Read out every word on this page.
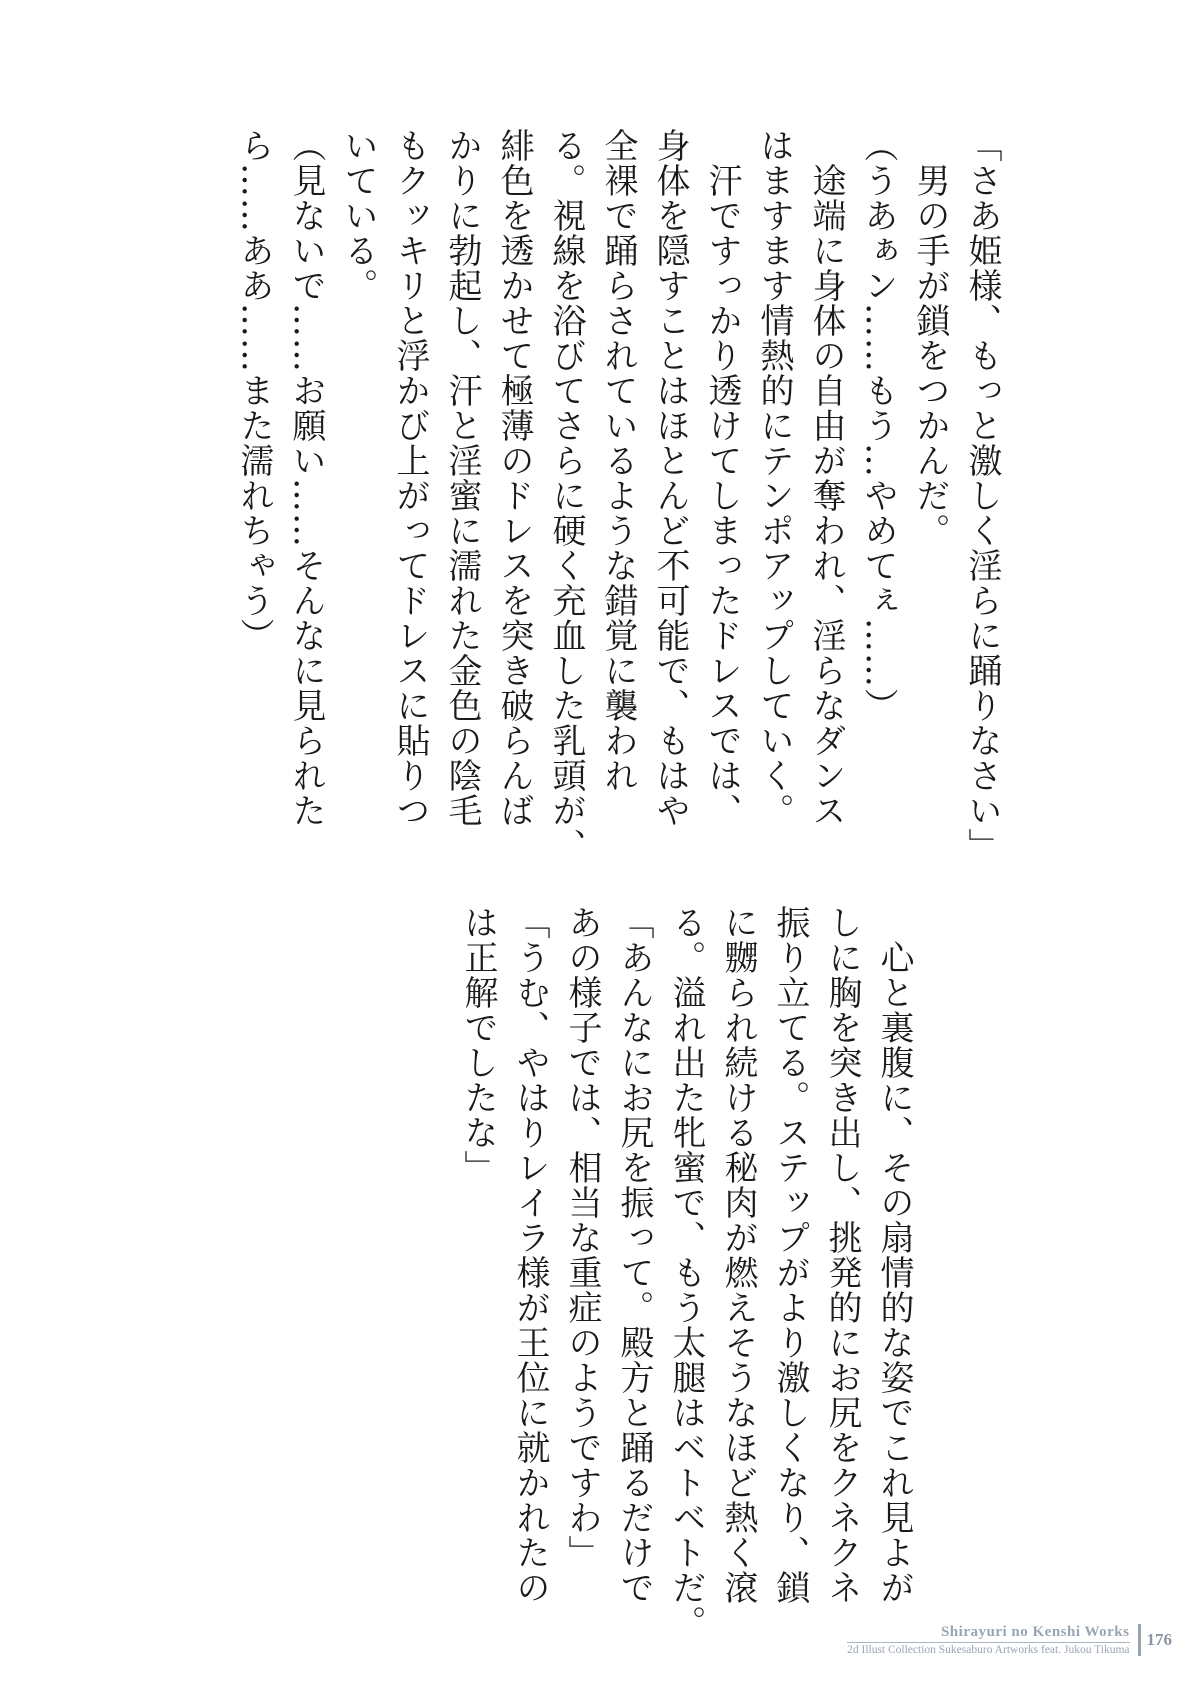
「さあ姫様、もっと激しく淫らに踊りなさい」
　男の手が鎖をつかんだ。
（うあぁン……もう…やめてぇ……）
　途端に身体の自由が奪われ、淫らなダンス
はますます情熱的にテンポアップしていく。
　汗ですっかり透けてしまったドレスでは、
身体を隠すことはほとんど不可能で、もはや
全裸で踊らされているような錯覚に襲われ
る。視線を浴びてさらに硬く充血した乳頭が、
緋色を透かせて極薄のドレスを突き破らんば
かりに勃起し、汗と淫蜜に濡れた金色の陰毛
もクッキリと浮かび上がってドレスに貼りつ
いている。
（見ないで……お願い……そんなに見られた
ら……ああ……また濡れちゃう）
　心と裏腹に、その扇情的な姿でこれ見よが
しに胸を突き出し、挑発的にお尻をクネクネ
振り立てる。ステップがより激しくなり、鎖
に嬲られ続ける秘肉が燃えそうなほど熱く滾
る。溢れ出た牝蜜で、もう太腿はベトベトだ。
「あんなにお尻を振って。殿方と踊るだけで
あの様子では、相当な重症のようですわ」
「うむ、やはりレイラ様が王位に就かれたの
は正解でしたな」
Shirayuri no Kenshi Works
2d Illust Collection Sukesaburo Artworks feat. Jukou Tikuma
176
